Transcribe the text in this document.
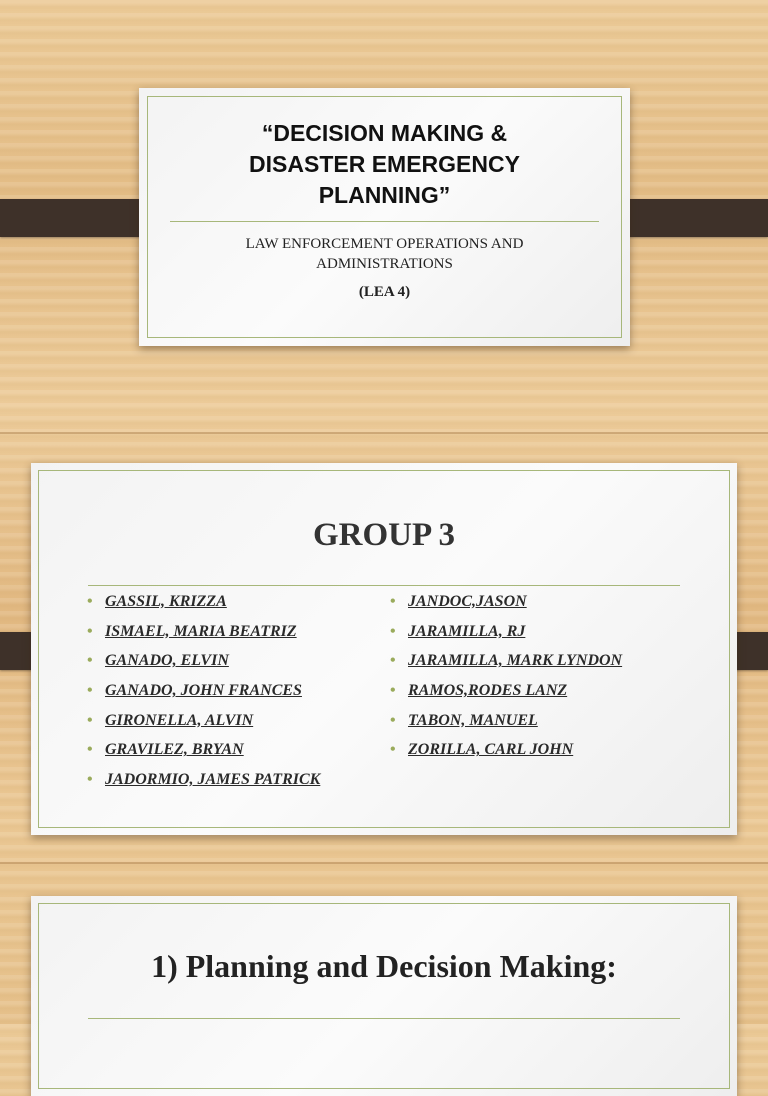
“DECISION MAKING &
DISASTER EMERGENCY
PLANNING”
LAW ENFORCEMENT OPERATIONS AND
ADMINISTRATIONS
(LEA 4)
GROUP 3
• GASSIL, KRIZZA
• ISMAEL, MARIA BEATRIZ
• GANADO, ELVIN
• GANADO, JOHN FRANCES
• GIRONELLA, ALVIN
• GRAVILEZ, BRYAN
• JADORMIO, JAMES PATRICK
• JANDOC,JASON
• JARAMILLA, RJ
• JARAMILLA, MARK LYNDON
• RAMOS,RODES LANZ
• TABON, MANUEL
• ZORILLA, CARL JOHN
1) Planning and Decision Making:
